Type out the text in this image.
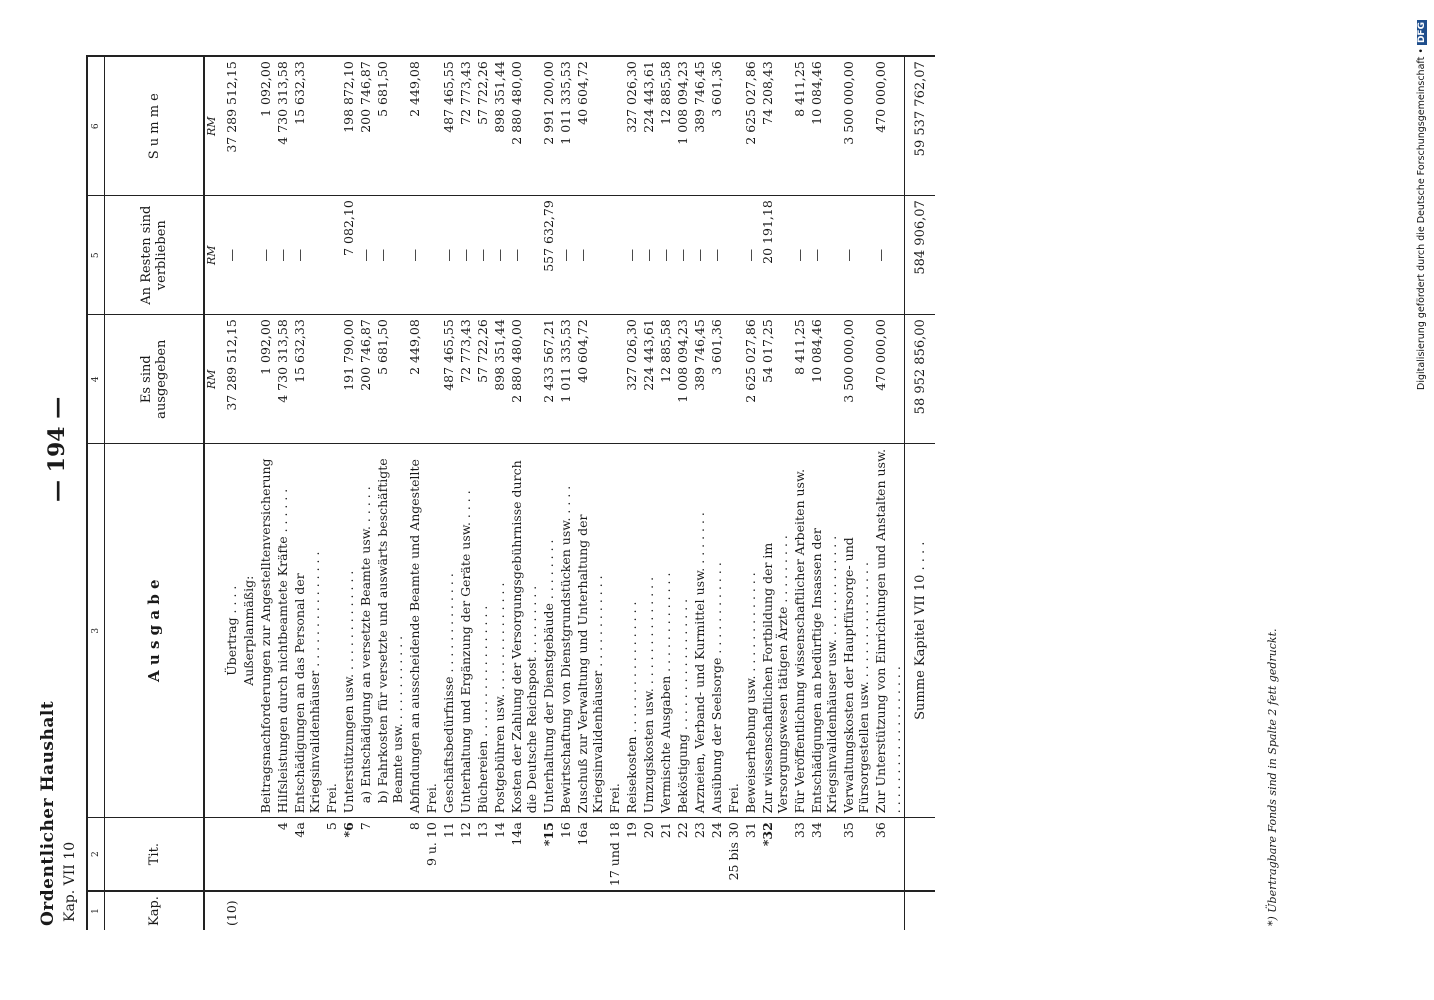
Ordentlicher Haushalt Kap. VII 10
— 194 —
1	2	3	4	5	6
Kap.	Tit.	A u s g a b e	Es sind ausgegeben	An Resten sind verblieben	S u m m e
			RM	RM	RM
(10)		Übertrag . . . .	37 289 512,15	—	37 289 512,15
		Außerplanmäßig:			
		Beitragsnachforderungen zur Angestelltenversicherung	1 092,00	—	1 092,00
	4	Hilfsleistungen durch nichtbeamtete Kräfte . . . . . .	4 730 313,58	—	4 730 313,58
	4a	Entschädigungen an das Personal der Kriegsinvalidenhäuser . . . . . . . . . . . . . . .	15 632,33	—	15 632,33
	5	Frei.			
	*6	Unterstützungen usw. . . . . . . . . . . . . .	191 790,00	7 082,10	198 872,10
	7	a) Entschädigung an versetzte Beamte usw. . . . . .	200 746,87	—	200 746,87
		b) Fahrkosten für versetzte und auswärts beschäftigte Beamte usw. . . . . . . . . . . .	5 681,50	—	5 681,50
	8	Abfindungen an ausscheidende Beamte und Angestellte	2 449,08	—	2 449,08
	9 u. 10	Frei.			
	11	Geschäftsbedürfnisse . . . . . . . . . . . . .	487 465,55	—	487 465,55
	12	Unterhaltung und Ergänzung der Geräte usw. . . . .	72 773,43	—	72 773,43
	13	Büchereien . . . . . . . . . . . . . . . . .	57 722,26	—	57 722,26
	14	Postgebühren usw. . . . . . . . . . . . . . .	898 351,44	—	898 351,44
	14a	Kosten der Zahlung der Versorgungsgebührnisse durch die Deutsche Reichspost . . . . . . . . .	2 880 480,00	—	2 880 480,00
	*15	Unterhaltung der Dienstgebäude . . . . . . . .	2 433 567,21	557 632,79	2 991 200,00
	16	Bewirtschaftung von Dienstgrundstücken usw. . . . .	1 011 335,53	—	1 011 335,53
	16a	Zuschuß zur Verwaltung und Unterhaltung der Kriegsinvalidenhäuser . . . . . . . . . . . .	40 604,72	—	40 604,72
	17 und 18	Frei.			
	19	Reisekosten . . . . . . . . . . . . . . . . .	327 026,30	—	327 026,30
	20	Umzugskosten usw. . . . . . . . . . . . . . .	224 443,61	—	224 443,61
	21	Vermischte Ausgaben . . . . . . . . . . . . .	12 885,58	—	12 885,58
	22	Beköstigung . . . . . . . . . . . . . . . . .	1 008 094,23	—	1 008 094,23
	23	Arzneien, Verband- und Kurmittel usw. . . . . . . .	389 746,45	—	389 746,45
	24	Ausübung der Seelsorge . . . . . . . . . . . .	3 601,36	—	3 601,36
	25 bis 30	Frei.			
	31	Beweiserhebung usw. . . . . . . . . . . . . .	2 625 027,86	—	2 625 027,86
	*32	Zur wissenschaftlichen Fortbildung der im Versorgungswesen tätigen Ärzte . . . . . . . . .	54 017,25	20 191,18	74 208,43
	33	Für Veröffentlichung wissenschaftlicher Arbeiten usw.	8 411,25	—	8 411,25
	34	Entschädigungen an bedürftige Insassen der Kriegsinvalidenhäuser usw. . . . . . . . . . . . . .	10 084,46	—	10 084,46
	35	Verwaltungskosten der Hauptfürsorge- und Fürsorgestellen usw. . . . . . . . . . . . . . . .	3 500 000,00	—	3 500 000,00
	36	Zur Unterstützung von Einrichtungen und Anstalten usw. . . . . . . . . . . . . . . . . . . .	470 000,00	—	470 000,00
		Summe Kapitel VII 10 . . . .	58 952 856,00	584 906,07	59 537 762,07
*) Übertragbare Fonds sind in Spalte 2 fett gedruckt.
Digitalisierung gefördert durch die Deutsche Forschungsgemeinschaft • DFG
